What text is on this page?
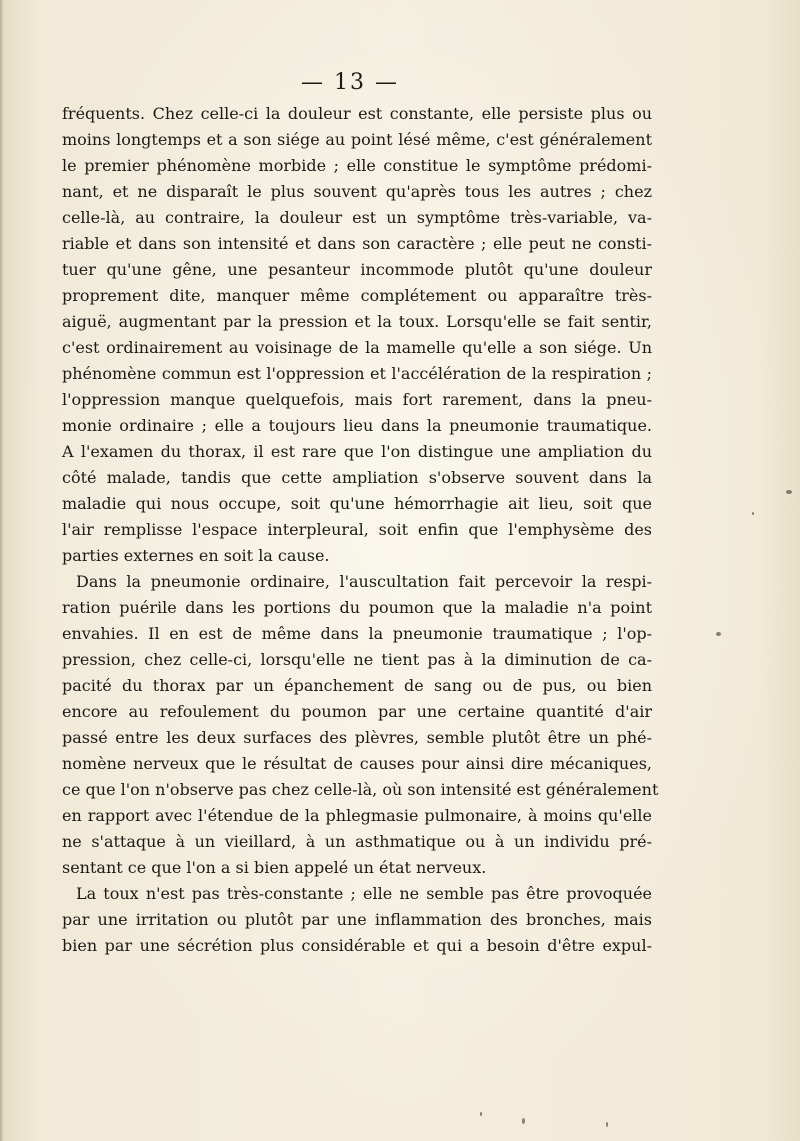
— 13 —
fréquents. Chez celle-ci la douleur est constante, elle persiste plus ou
moins longtemps et a son siége au point lésé même, c'est généralement
le premier phénomène morbide ; elle constitue le symptôme prédomi-
nant, et ne disparaît le plus souvent qu'après tous les autres ; chez
celle-là, au contraire, la douleur est un symptôme très-variable, va-
riable et dans son intensité et dans son caractère ; elle peut ne consti-
tuer qu'une gêne, une pesanteur incommode plutôt qu'une douleur
proprement dite, manquer même complétement ou apparaître très-
aiguë, augmentant par la pression et la toux. Lorsqu'elle se fait sentir,
c'est ordinairement au voisinage de la mamelle qu'elle a son siége. Un
phénomène commun est l'oppression et l'accélération de la respiration ;
l'oppression manque quelquefois, mais fort rarement, dans la pneu-
monie ordinaire ; elle a toujours lieu dans la pneumonie traumatique.
A l'examen du thorax, il est rare que l'on distingue une ampliation du
côté malade, tandis que cette ampliation s'observe souvent dans la
maladie qui nous occupe, soit qu'une hémorrhagie ait lieu, soit que
l'air remplisse l'espace interpleural, soit enfin que l'emphysème des
parties externes en soit la cause.
Dans la pneumonie ordinaire, l'auscultation fait percevoir la respi-
ration puérile dans les portions du poumon que la maladie n'a point
envahies. Il en est de même dans la pneumonie traumatique ; l'op-
pression, chez celle-ci, lorsqu'elle ne tient pas à la diminution de ca-
pacité du thorax par un épanchement de sang ou de pus, ou bien
encore au refoulement du poumon par une certaine quantité d'air
passé entre les deux surfaces des plèvres, semble plutôt être un phé-
nomène nerveux que le résultat de causes pour ainsi dire mécaniques,
ce que l'on n'observe pas chez celle-là, où son intensité est généralement
en rapport avec l'étendue de la phlegmasie pulmonaire, à moins qu'elle
ne s'attaque à un vieillard, à un asthmatique ou à un individu pré-
sentant ce que l'on a si bien appelé un état nerveux.
La toux n'est pas très-constante ; elle ne semble pas être provoquée
par une irritation ou plutôt par une inflammation des bronches, mais
bien par une sécrétion plus considérable et qui a besoin d'être expul-
